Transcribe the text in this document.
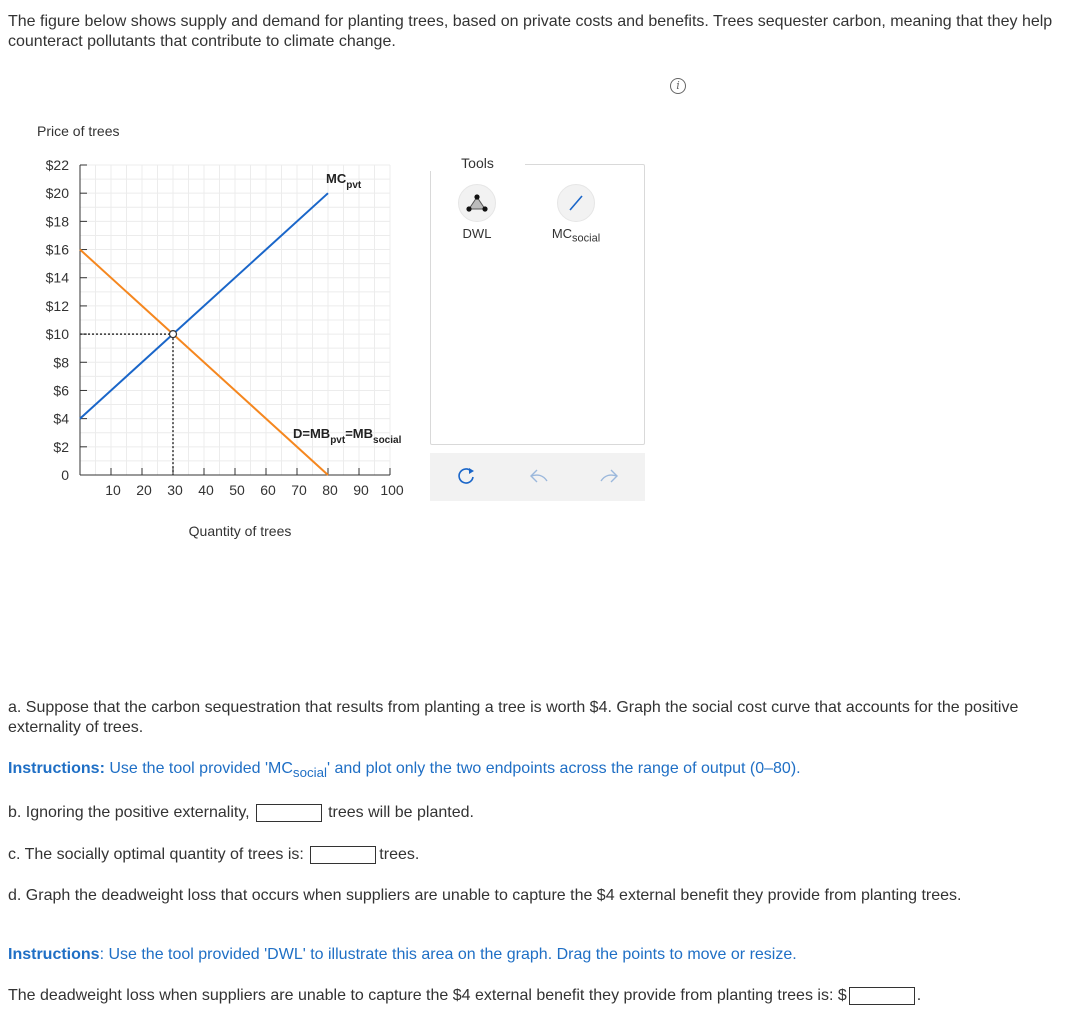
The figure below shows supply and demand for planting trees, based on private costs and benefits. Trees sequester carbon, meaning that they help counteract pollutants that contribute to climate change.
i
Price of trees
$22
$20
$18
$16
$14
$12
$10
$8
$6
$4
$2
0
10 20 30 40 50 60 70 80 90 100
$MC_{pvt}$
$D=MB_{pvt}=MB_{social}$
Quantity of trees
Tools
DWL	$MC_{social}$
a. Suppose that the carbon sequestration that results from planting a tree is worth $4. Graph the social cost curve that accounts for the positive externality of trees.
Instructions: Use the tool provided '$MC_{social}$' and plot only the two endpoints across the range of output (0–80).
b. Ignoring the positive externality,	trees will be planted.
c. The socially optimal quantity of trees is:	trees.
d. Graph the deadweight loss that occurs when suppliers are unable to capture the $4 external benefit they provide from planting trees.
Instructions: Use the tool provided 'DWL' to illustrate this area on the graph. Drag the points to move or resize.
The deadweight loss when suppliers are unable to capture the $4 external benefit they provide from planting trees is: $	.
